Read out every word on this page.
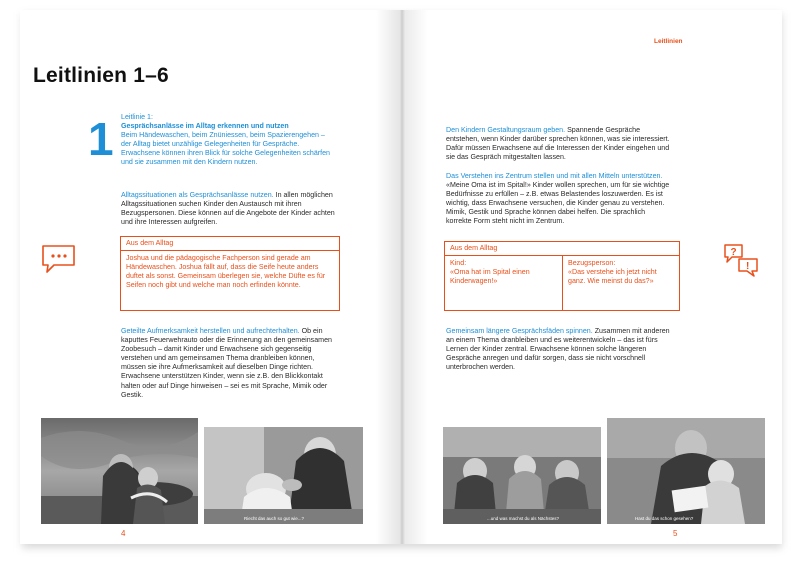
Leitlinien 1–6
1 Leitlinie 1:

Gesprächsanlässe im Alltag erkennen und nutzen

Beim Händewaschen, beim Znüniessen, beim Spazierengehen – der Alltag bietet unzählige Gelegenheiten für Gespräche. Erwachsene können ihren Blick für solche Gelegenheiten schärfen und sie zusammen mit den Kindern nutzen.

Alltagssituationen als Gesprächsanlässe nutzen. In allen möglichen Alltagssituationen suchen Kinder den Austausch mit ihren Bezugspersonen. Diese können auf die Angebote der Kinder achten und ihre Interessen aufgreifen.

Aus dem Alltag
Joshua und die pädagogische Fachperson sind gerade am Händewaschen. Joshua fällt auf, dass die Seife heute anders duftet als sonst. Gemeinsam überlegen sie, welche Düfte es für Seifen noch gibt und welche man noch erfinden könnte.

Geteilte Aufmerksamkeit herstellen und aufrechterhalten. Ob ein kaputtes Feuerwehrauto oder die Erinnerung an den gemeinsamen Zoobesuch – damit Kinder und Erwachsene sich gegenseitig verstehen und am gemeinsamen Thema dranbleiben können, müssen sie ihre Aufmerksamkeit auf dieselben Dinge richten. Erwachsene unterstützen Kinder, wenn sie z.B. den Blickkontakt halten oder auf Dinge hinweisen – sei es mit Sprache, Mimik oder Gestik.

Riecht das auch so gut wie...?
4
Leitlinien

Den Kindern Gestaltungsraum geben. Spannende Gespräche entstehen, wenn Kinder darüber sprechen können, was sie interessiert. Dafür müssen Erwachsene auf die Interessen der Kinder eingehen und sie das Gespräch mitgestalten lassen.

Das Verstehen ins Zentrum stellen und mit allen Mitteln unterstützen. «Meine Oma ist im Spital!» Kinder wollen sprechen, um für sie wichtige Bedürfnisse zu erfüllen – z.B. etwas Belastendes loszuwerden. Es ist wichtig, dass Erwachsene versuchen, die Kinder genau zu verstehen. Mimik, Gestik und Sprache können dabei helfen. Die sprachlich korrekte Form steht nicht im Zentrum.

Aus dem Alltag
Kind:
«Oma hat im Spital einen Kinderwagen!»
Bezugsperson:
«Das verstehe ich jetzt nicht ganz. Wie meinst du das?»
?
!

Gemeinsam längere Gesprächsfäden spinnen. Zusammen mit anderen an einem Thema dranbleiben und es weiterentwickeln – das ist fürs Lernen der Kinder zentral. Erwachsene können solche längeren Gespräche anregen und dafür sorgen, dass sie nicht vorschnell unterbrochen werden.

...und was machst du als Nächstes?	Hast du das schon gesehen?
5
